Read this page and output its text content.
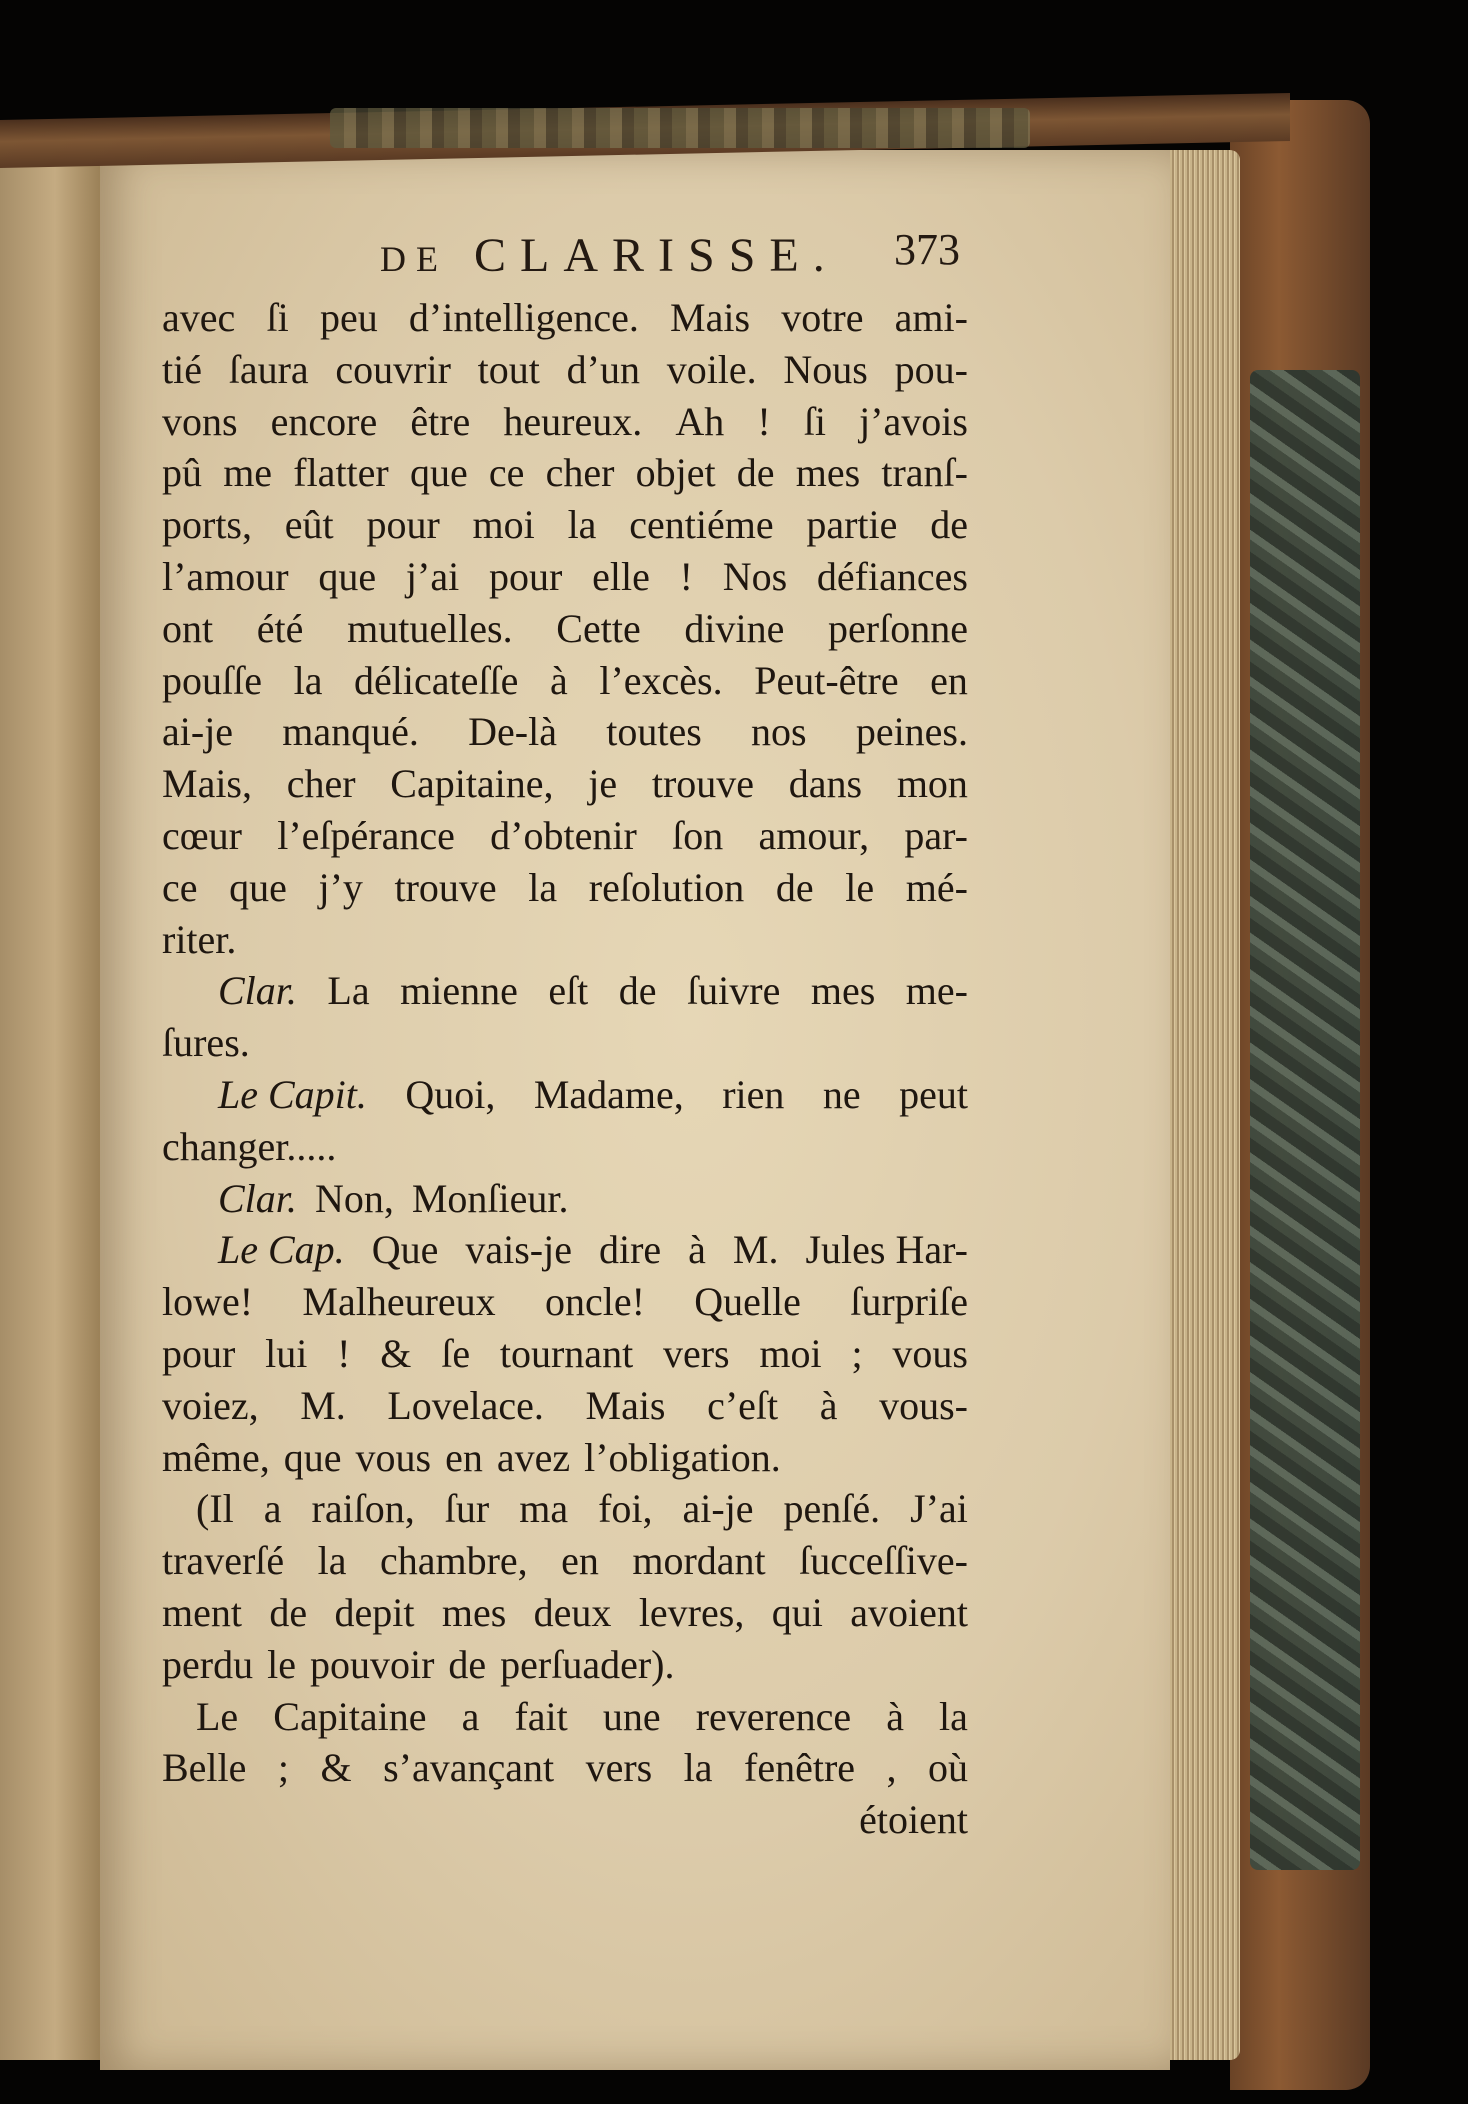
DE CLARISSE. 373
avec ſi peu d’intelligence. Mais votre ami-
tié ſaura couvrir tout d’un voile. Nous pou-
vons encore être heureux. Ah ! ſi j’avois
pû me flatter que ce cher objet de mes tranſ-
ports, eût pour moi la centiéme partie de
l’amour que j’ai pour elle ! Nos défiances
ont été mutuelles. Cette divine perſonne
pouſſe la délicateſſe à l’excès. Peut-être en
ai-je manqué. De-là toutes nos peines.
Mais, cher Capitaine, je trouve dans mon
cœur l’eſpérance d’obtenir ſon amour, par-
ce que j’y trouve la reſolution de le mé-
riter.
Clar. La mienne eſt de ſuivre mes me-
ſures.
Le Capit. Quoi, Madame, rien ne peut
changer.....
Clar. Non, Monſieur.
Le Cap. Que vais-je dire à M. Jules Har-
lowe! Malheureux oncle! Quelle ſurpriſe
pour lui ! & ſe tournant vers moi ; vous
voiez, M. Lovelace. Mais c’eſt à vous-
même, que vous en avez l’obligation.
(Il a raiſon, ſur ma foi, ai-je penſé. J’ai
traverſé la chambre, en mordant ſucceſſive-
ment de depit mes deux levres, qui avoient
perdu le pouvoir de perſuader).
Le Capitaine a fait une reverence à la
Belle ; & s’avançant vers la fenêtre , où
étoient
